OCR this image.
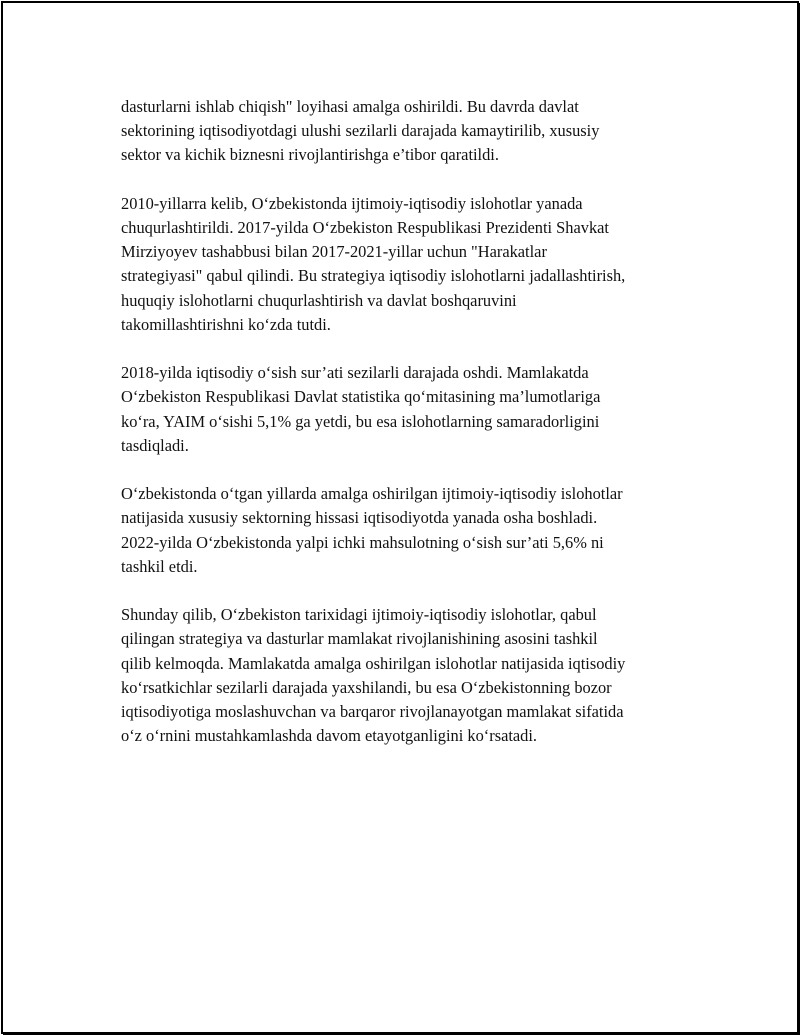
dasturlarni ishlab chiqish" loyihasi amalga oshirildi. Bu davrda davlat
sektorining iqtisodiyotdagi ulushi sezilarli darajada kamaytirilib, xususiy
sektor va kichik biznesni rivojlantirishga e’tibor qaratildi.

2010-yillarra kelib, O‘zbekistonda ijtimoiy-iqtisodiy islohotlar yanada
chuqurlashtirildi. 2017-yilda O‘zbekiston Respublikasi Prezidenti Shavkat
Mirziyoyev tashabbusi bilan 2017-2021-yillar uchun "Harakatlar
strategiyasi" qabul qilindi. Bu strategiya iqtisodiy islohotlarni jadallashtirish,
huquqiy islohotlarni chuqurlashtirish va davlat boshqaruvini
takomillashtirishni ko‘zda tutdi.

2018-yilda iqtisodiy o‘sish sur’ati sezilarli darajada oshdi. Mamlakatda
O‘zbekiston Respublikasi Davlat statistika qo‘mitasining ma’lumotlariga
ko‘ra, YAIM o‘sishi 5,1% ga yetdi, bu esa islohotlarning samaradorligini
tasdiqladi.

O‘zbekistonda o‘tgan yillarda amalga oshirilgan ijtimoiy-iqtisodiy islohotlar
natijasida xususiy sektorning hissasi iqtisodiyotda yanada osha boshladi.
2022-yilda O‘zbekistonda yalpi ichki mahsulotning o‘sish sur’ati 5,6% ni
tashkil etdi.

Shunday qilib, O‘zbekiston tarixidagi ijtimoiy-iqtisodiy islohotlar, qabul
qilingan strategiya va dasturlar mamlakat rivojlanishining asosini tashkil
qilib kelmoqda. Mamlakatda amalga oshirilgan islohotlar natijasida iqtisodiy
ko‘rsatkichlar sezilarli darajada yaxshilandi, bu esa O‘zbekistonning bozor
iqtisodiyotiga moslashuvchan va barqaror rivojlanayotgan mamlakat sifatida
o‘z o‘rnini mustahkamlashda davom etayotganligini ko‘rsatadi.
